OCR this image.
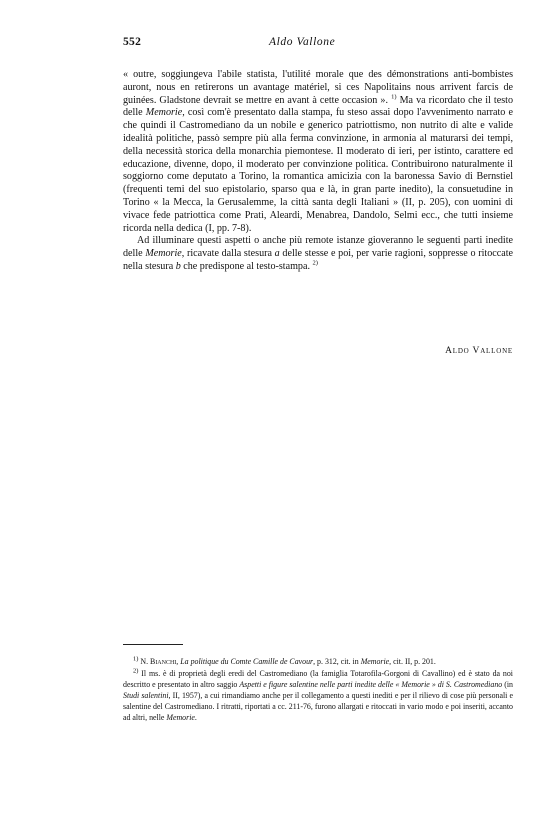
552	Aldo Vallone

« outre, soggiungeva l'abile statista, l'utilité morale que des démonstrations anti-bombistes auront, nous en retirerons un avantage matériel, si ces Napolitains nous arrivent farcis de guinées. Gladstone devrait se mettre en avant à cette occasion ». $^{1)}$ Ma va ricordato che il testo delle Memorie, così com'è presentato dalla stampa, fu steso assai dopo l'avvenimento narrato e che quindi il Castromediano da un nobile e generico patriottismo, non nutrito di alte e valide idealità politiche, passò sempre più alla ferma convinzione, in armonia al maturarsi dei tempi, della necessità storica della monarchia piemontese. Il moderato di ieri, per istinto, carattere ed educazione, divenne, dopo, il moderato per convinzione politica. Contribuirono naturalmente il soggiorno come deputato a Torino, la romantica amicizia con la baronessa Savio di Bernstiel (frequenti temi del suo epistolario, sparso qua e là, in gran parte inedito), la consuetudine in Torino « la Mecca, la Gerusalemme, la città santa degli Italiani » (II, p. 205), con uomini di vivace fede patriottica come Prati, Aleardi, Menabrea, Dandolo, Selmi ecc., che tutti insieme ricorda nella dedica (I, pp. 7-8).

Ad illuminare questi aspetti o anche più remote istanze gioveranno le seguenti parti inedite delle Memorie, ricavate dalla stesura a delle stesse e poi, per varie ragioni, soppresse o ritoccate nella stesura b che predispone al testo-stampa. $^{2)}$

Aldo Vallone

$^{1)}$ N. Bianchi, La politique du Comte Camille de Cavour, p. 312, cit. in Memorie, cit. II, p. 201.

$^{2)}$ Il ms. è di proprietà degli eredi del Castromediano (la famiglia Totarofila-Gorgoni di Cavallino) ed è stato da noi descritto e presentato in altro saggio Aspetti e figure salentine nelle parti inedite delle « Memorie » di S. Castromediano (in Studi salentini, II, 1957), a cui rimandiamo anche per il collegamento a questi inediti e per il rilievo di cose più personali e salentine del Castromediano. I ritratti, riportati a cc. 211-76, furono allargati e ritoccati in vario modo e poi inseriti, accanto ad altri, nelle Memorie.
